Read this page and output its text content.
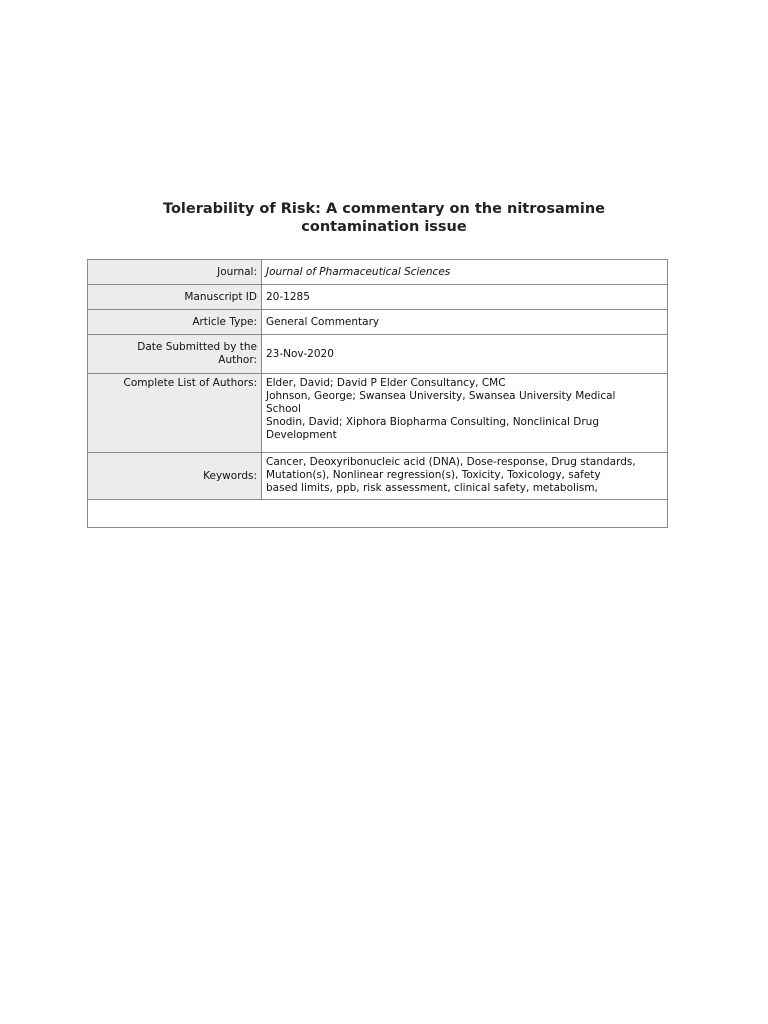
Tolerability of Risk: A commentary on the nitrosamine
contamination issue
Journal:	Journal of Pharmaceutical Sciences
Manuscript ID	20-1285
Article Type:	General Commentary

Date Submitted by the
Author:	23-Nov-2020
Complete List of Authors:	Elder, David; David P Elder Consultancy, CMC
Johnson, George; Swansea University, Swansea University Medical
School
Snodin, David; Xiphora Biopharma Consulting, Nonclinical Drug
Development

Keywords:	Cancer, Deoxyribonucleic acid (DNA), Dose-response, Drug standards,
Mutation(s), Nonlinear regression(s), Toxicity, Toxicology, safety
based limits, ppb, risk assessment, clinical safety, metabolism,
